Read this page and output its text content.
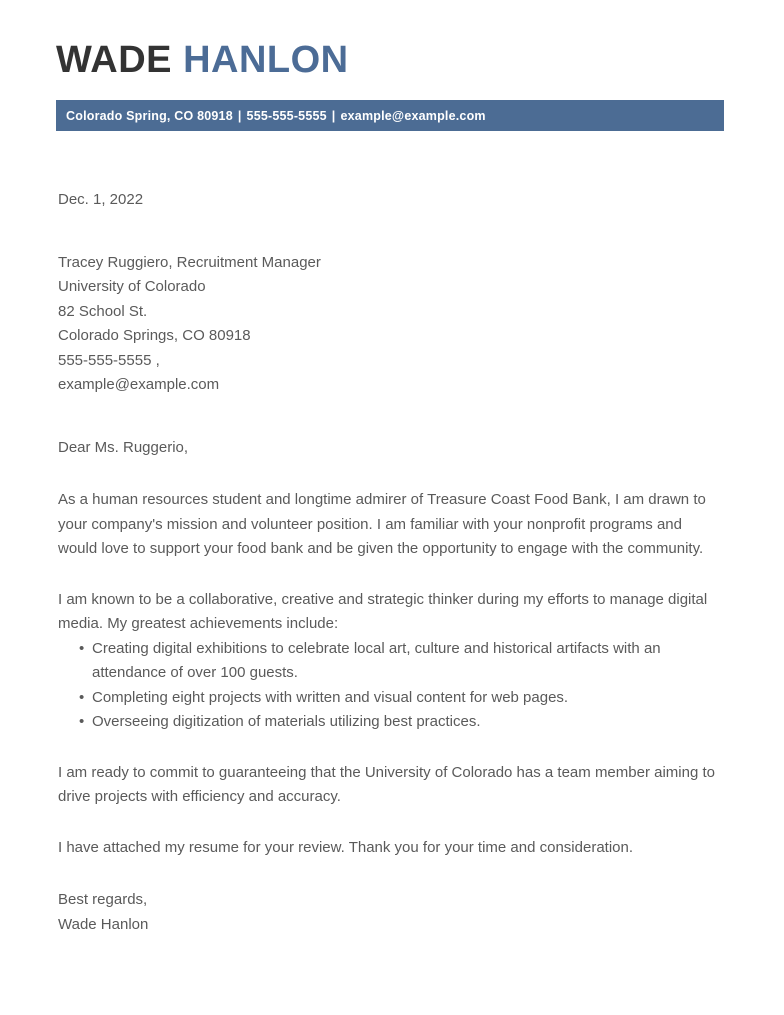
WADE HANLON
Colorado Spring, CO 80918 | 555-555-5555 | example@example.com
Dec. 1, 2022
Tracey Ruggiero, Recruitment Manager
University of Colorado
82 School St.
Colorado Springs, CO 80918
555-555-5555 ,
example@example.com
Dear Ms. Ruggerio,

As a human resources student and longtime admirer of Treasure Coast Food Bank, I am drawn to your company's mission and volunteer position. I am familiar with your nonprofit programs and would love to support your food bank and be given the opportunity to engage with the community.

I am known to be a collaborative, creative and strategic thinker during my efforts to manage digital media. My greatest achievements include:

• Creating digital exhibitions to celebrate local art, culture and historical artifacts with an attendance of over 100 guests.
• Completing eight projects with written and visual content for web pages.
• Overseeing digitization of materials utilizing best practices.

I am ready to commit to guaranteeing that the University of Colorado has a team member aiming to drive projects with efficiency and accuracy.

I have attached my resume for your review. Thank you for your time and consideration.

Best regards,
Wade Hanlon
